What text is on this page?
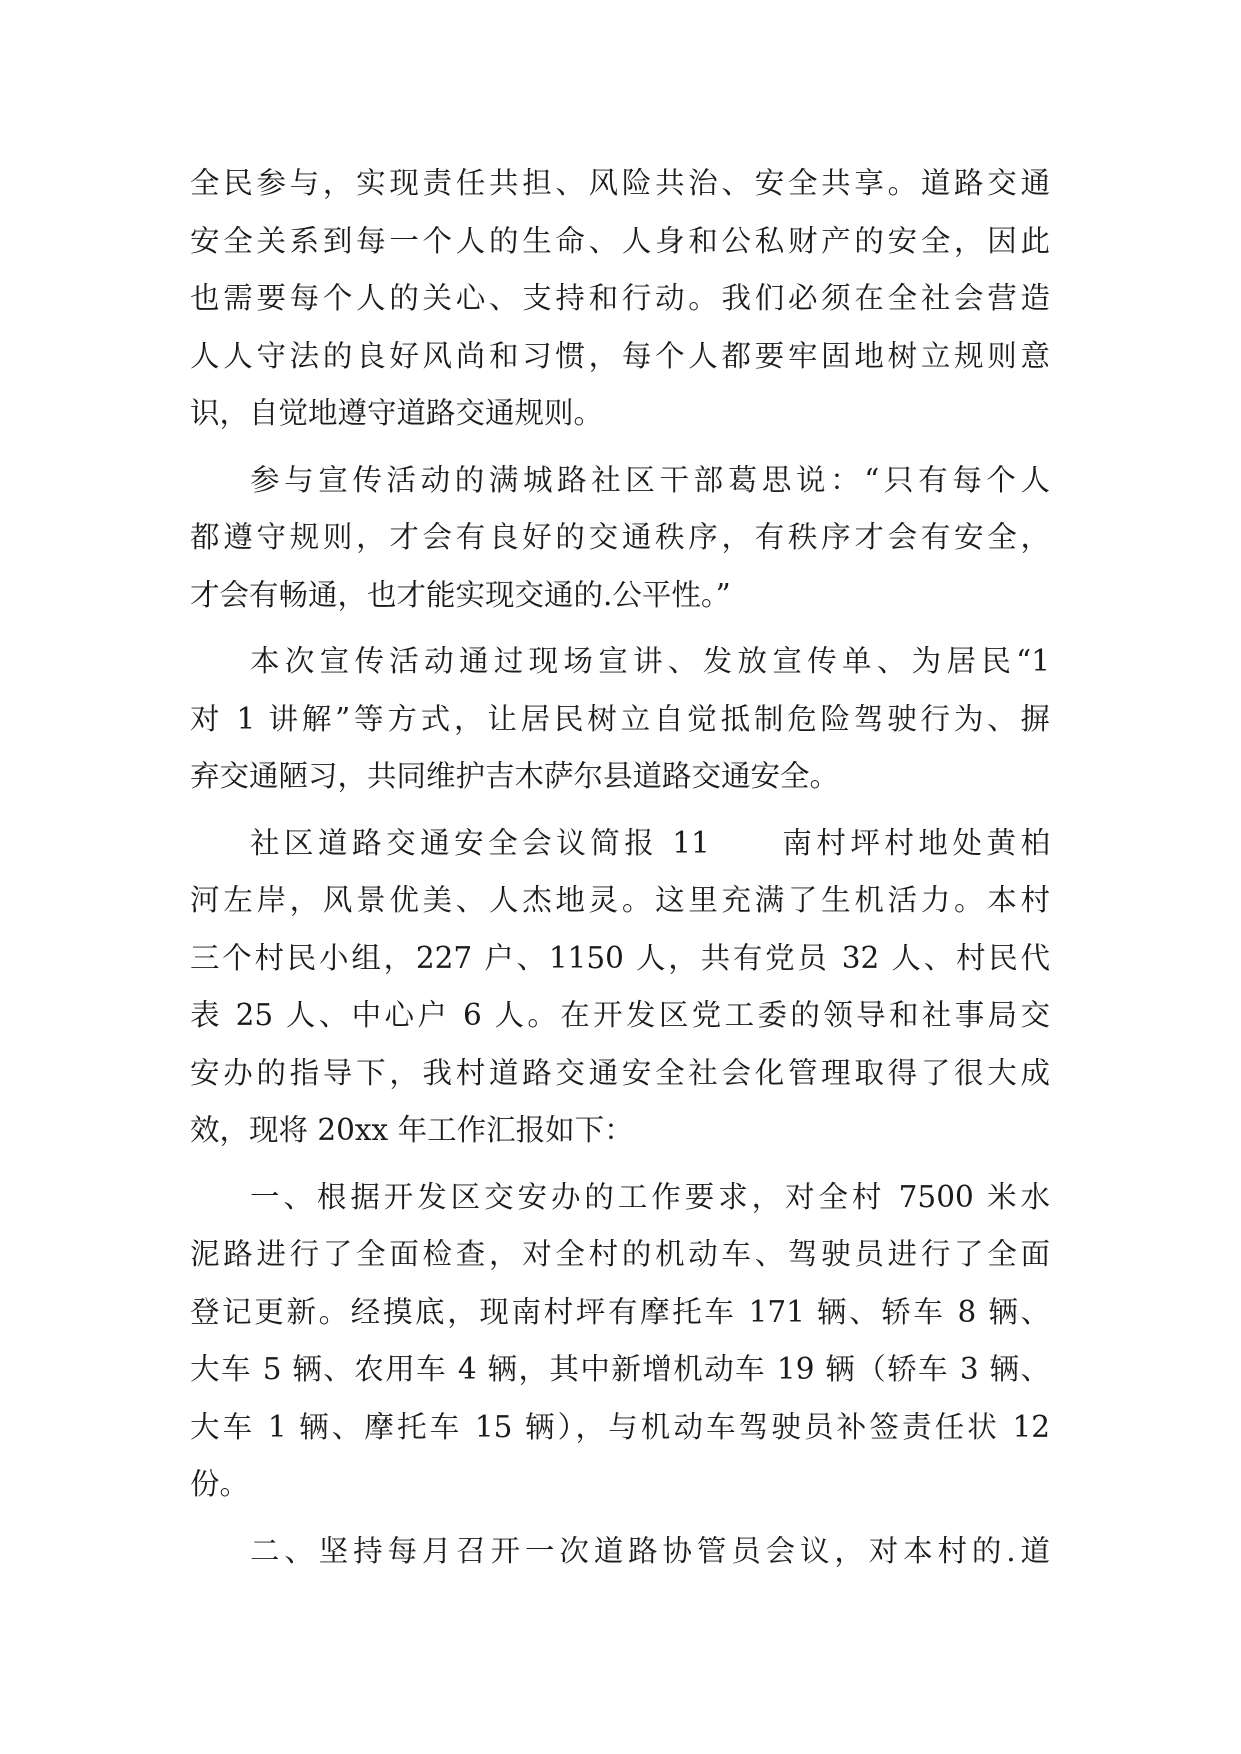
全民参与，实现责任共担、风险共治、安全共享。道路交通
安全关系到每一个人的生命、人身和公私财产的安全，因此
也需要每个人的关心、支持和行动。我们必须在全社会营造
人人守法的良好风尚和习惯，每个人都要牢固地树立规则意
识，自觉地遵守道路交通规则。
参与宣传活动的满城路社区干部葛思说：“只有每个人
都遵守规则，才会有良好的交通秩序，有秩序才会有安全，
才会有畅通，也才能实现交通的.公平性。”
本次宣传活动通过现场宣讲、发放宣传单、为居民“1
对 1 讲解”等方式，让居民树立自觉抵制危险驾驶行为、摒
弃交通陋习，共同维护吉木萨尔县道路交通安全。
社区道路交通安全会议简报 11　　南村坪村地处黄柏
河左岸，风景优美、人杰地灵。这里充满了生机活力。本村
三个村民小组，227 户、1150 人，共有党员 32 人、村民代
表 25 人、中心户 6 人。在开发区党工委的领导和社事局交
安办的指导下，我村道路交通安全社会化管理取得了很大成
效，现将 20xx 年工作汇报如下：
一、根据开发区交安办的工作要求，对全村 7500 米水
泥路进行了全面检查，对全村的机动车、驾驶员进行了全面
登记更新。经摸底，现南村坪有摩托车 171 辆、轿车 8 辆、
大车 5 辆、农用车 4 辆，其中新增机动车 19 辆（轿车 3 辆、
大车 1 辆、摩托车 15 辆），与机动车驾驶员补签责任状 12
份。
二、坚持每月召开一次道路协管员会议，对本村的.道
